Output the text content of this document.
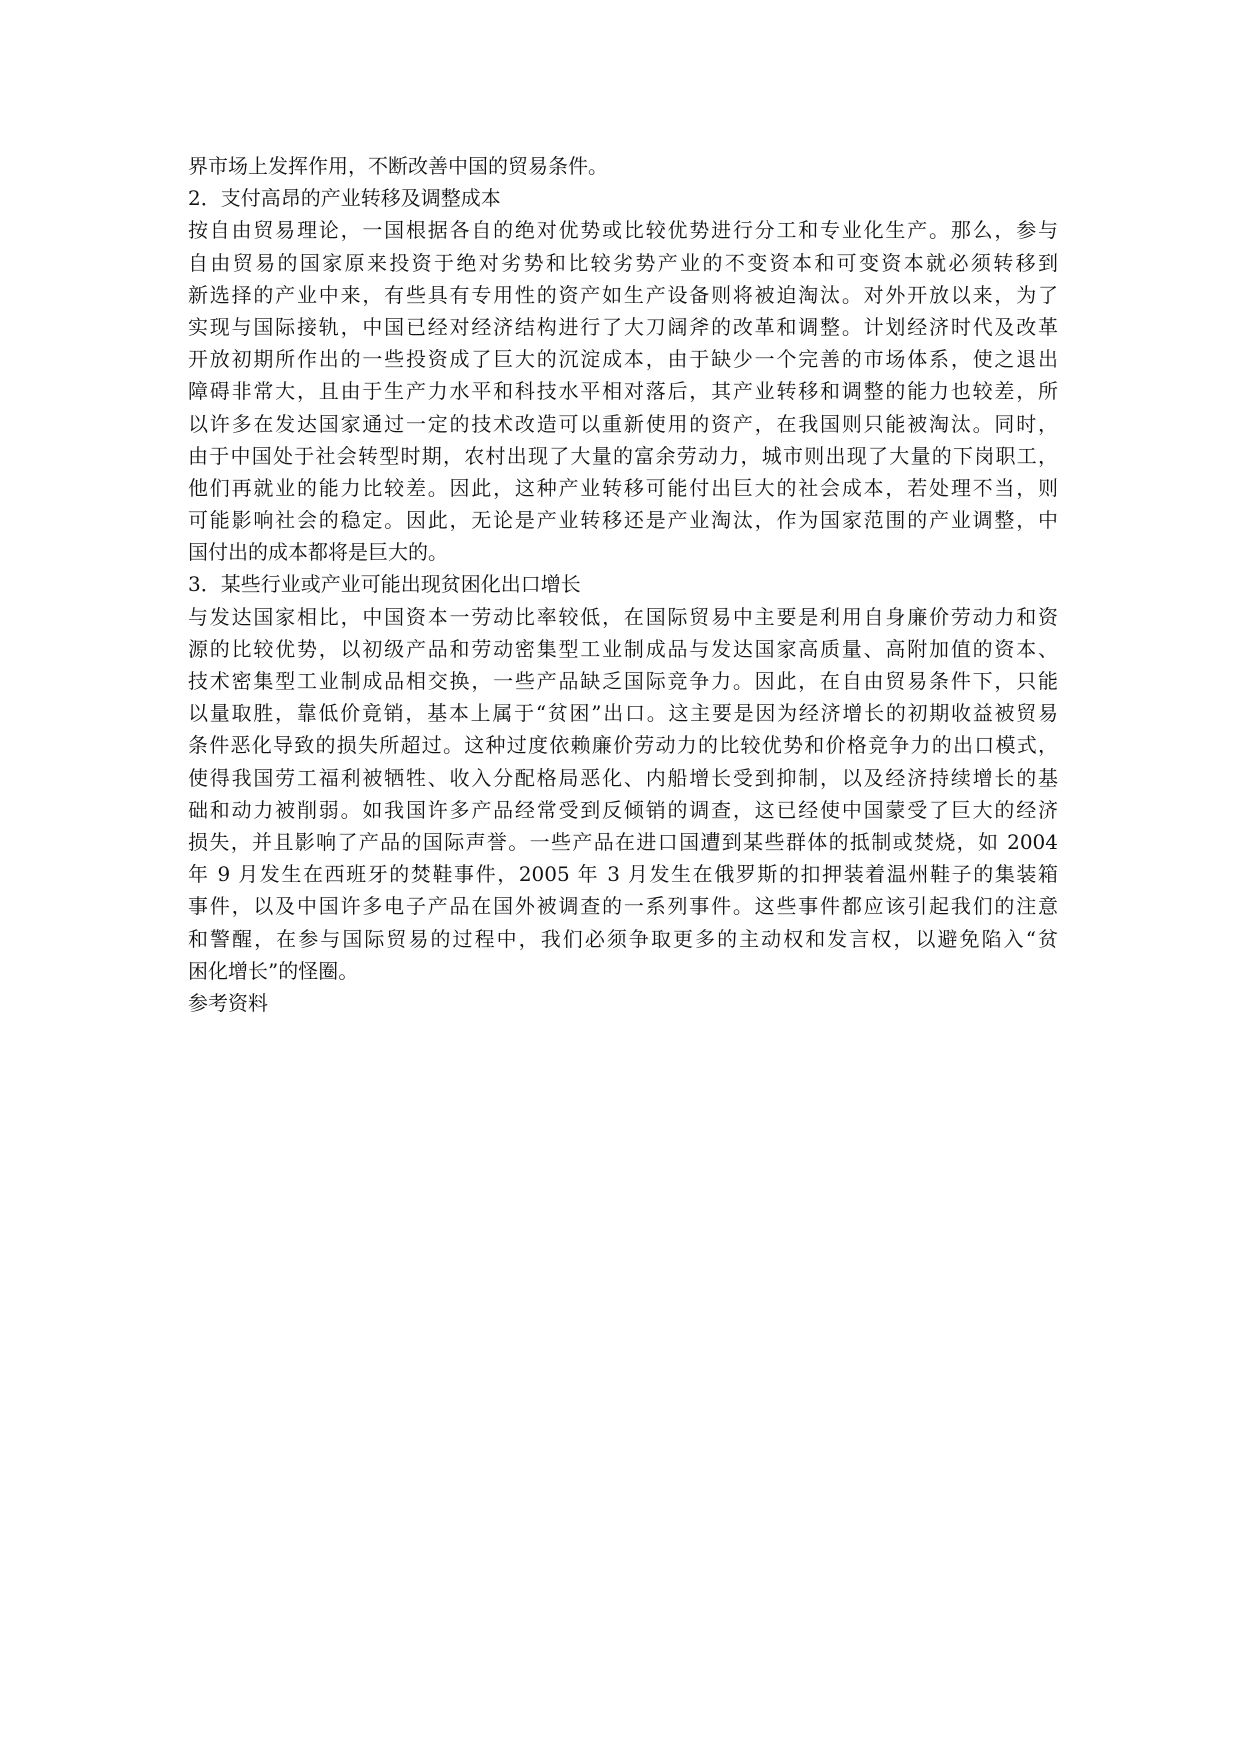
界市场上发挥作用，不断改善中国的贸易条件。
2．支付高昂的产业转移及调整成本
按自由贸易理论，一国根据各自的绝对优势或比较优势进行分工和专业化生产。那么，参与
自由贸易的国家原来投资于绝对劣势和比较劣势产业的不变资本和可变资本就必须转移到
新选择的产业中来，有些具有专用性的资产如生产设备则将被迫淘汰。对外开放以来，为了
实现与国际接轨，中国已经对经济结构进行了大刀阔斧的改革和调整。计划经济时代及改革
开放初期所作出的一些投资成了巨大的沉淀成本，由于缺少一个完善的市场体系，使之退出
障碍非常大，且由于生产力水平和科技水平相对落后，其产业转移和调整的能力也较差，所
以许多在发达国家通过一定的技术改造可以重新使用的资产，在我国则只能被淘汰。同时，
由于中国处于社会转型时期，农村出现了大量的富余劳动力，城市则出现了大量的下岗职工，
他们再就业的能力比较差。因此，这种产业转移可能付出巨大的社会成本，若处理不当，则
可能影响社会的稳定。因此，无论是产业转移还是产业淘汰，作为国家范围的产业调整，中
国付出的成本都将是巨大的。
3．某些行业或产业可能出现贫困化出口增长
与发达国家相比，中国资本一劳动比率较低，在国际贸易中主要是利用自身廉价劳动力和资
源的比较优势，以初级产品和劳动密集型工业制成品与发达国家高质量、高附加值的资本、
技术密集型工业制成品相交换，一些产品缺乏国际竞争力。因此，在自由贸易条件下，只能
以量取胜，靠低价竟销，基本上属于“贫困”出口。这主要是因为经济增长的初期收益被贸易
条件恶化导致的损失所超过。这种过度依赖廉价劳动力的比较优势和价格竞争力的出口模式，
使得我国劳工福利被牺牲、收入分配格局恶化、内船增长受到抑制，以及经济持续增长的基
础和动力被削弱。如我国许多产品经常受到反倾销的调查，这已经使中国蒙受了巨大的经济
损失，并且影响了产品的国际声誉。一些产品在进口国遭到某些群体的抵制或焚烧，如 2004
年 9 月发生在西班牙的焚鞋事件，2005 年 3 月发生在俄罗斯的扣押装着温州鞋子的集装箱
事件，以及中国许多电子产品在国外被调查的一系列事件。这些事件都应该引起我们的注意
和警醒，在参与国际贸易的过程中，我们必须争取更多的主动权和发言权，以避免陷入“贫
困化增长”的怪圈。
参考资料
